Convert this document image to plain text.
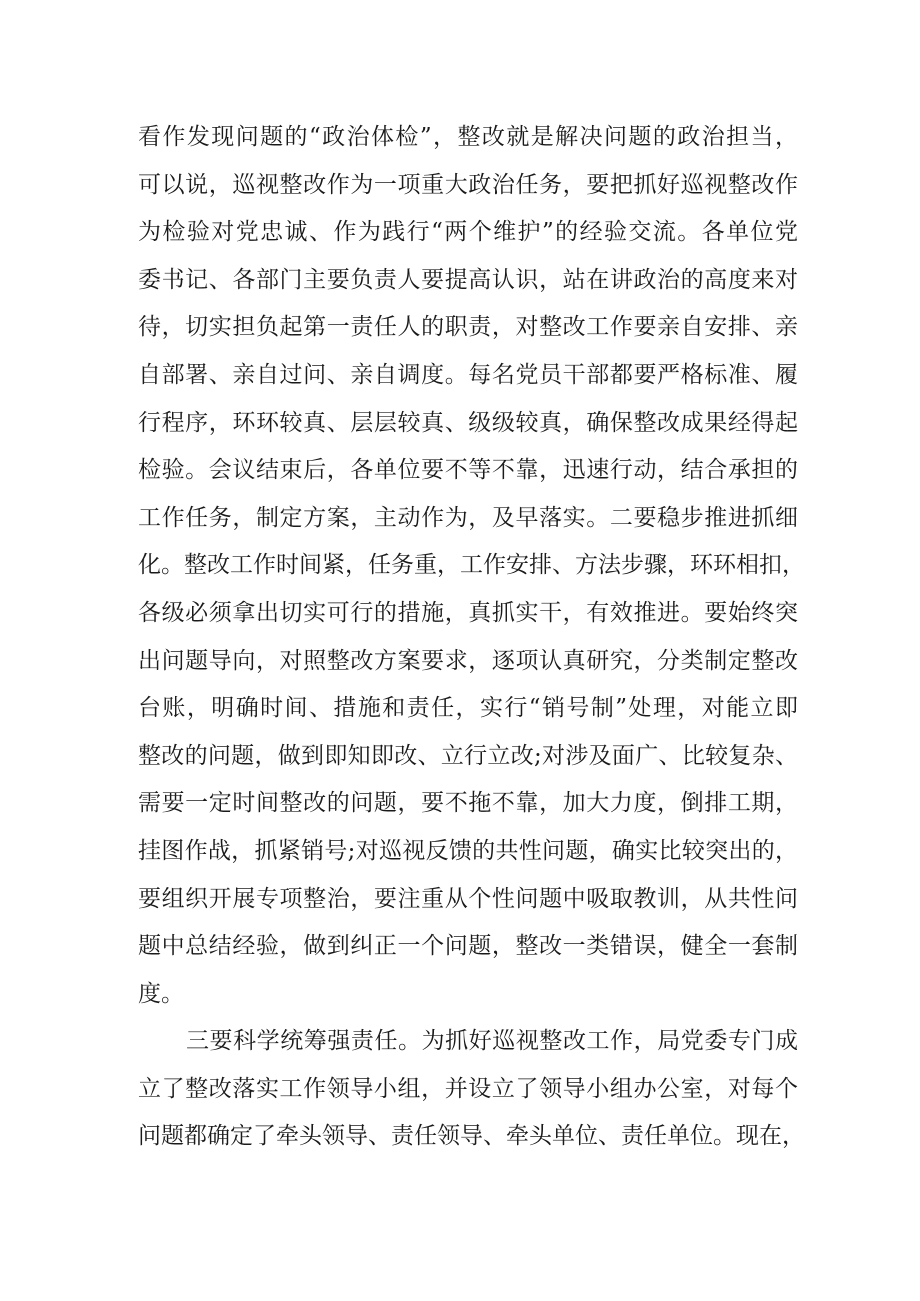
看作发现问题的“政治体检”，整改就是解决问题的政治担当，
可以说，巡视整改作为一项重大政治任务，要把抓好巡视整改作
为检验对党忠诚、作为践行“两个维护”的经验交流。各单位党
委书记、各部门主要负责人要提高认识，站在讲政治的高度来对
待，切实担负起第一责任人的职责，对整改工作要亲自安排、亲
自部署、亲自过问、亲自调度。每名党员干部都要严格标准、履
行程序，环环较真、层层较真、级级较真，确保整改成果经得起
检验。会议结束后，各单位要不等不靠，迅速行动，结合承担的
工作任务，制定方案，主动作为，及早落实。二要稳步推进抓细
化。整改工作时间紧，任务重，工作安排、方法步骤，环环相扣，
各级必须拿出切实可行的措施，真抓实干，有效推进。要始终突
出问题导向，对照整改方案要求，逐项认真研究，分类制定整改
台账，明确时间、措施和责任，实行“销号制”处理，对能立即
整改的问题，做到即知即改、立行立改;对涉及面广、比较复杂、
需要一定时间整改的问题，要不拖不靠，加大力度，倒排工期，
挂图作战，抓紧销号;对巡视反馈的共性问题，确实比较突出的，
要组织开展专项整治，要注重从个性问题中吸取教训，从共性问
题中总结经验，做到纠正一个问题，整改一类错误，健全一套制
度。
三要科学统筹强责任。为抓好巡视整改工作，局党委专门成
立了整改落实工作领导小组，并设立了领导小组办公室，对每个
问题都确定了牵头领导、责任领导、牵头单位、责任单位。现在，
